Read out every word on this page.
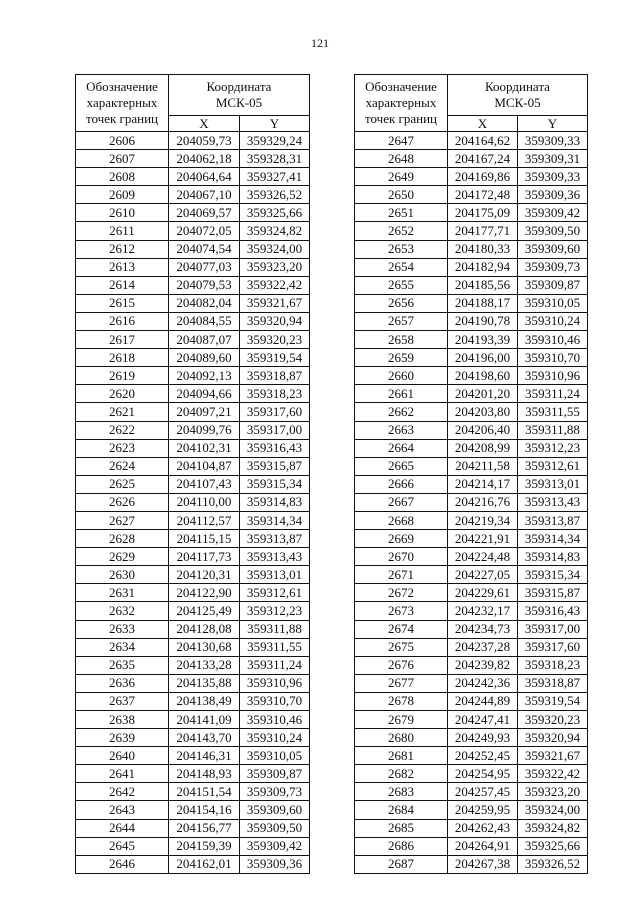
121
Обозначение
характерных
точек границ	Координата
МСК-05	
	X	Y
2606	204059,73	359329,24
2607	204062,18	359328,31
2608	204064,64	359327,41
2609	204067,10	359326,52
2610	204069,57	359325,66
2611	204072,05	359324,82
2612	204074,54	359324,00
2613	204077,03	359323,20
2614	204079,53	359322,42
2615	204082,04	359321,67
2616	204084,55	359320,94
2617	204087,07	359320,23
2618	204089,60	359319,54
2619	204092,13	359318,87
2620	204094,66	359318,23
2621	204097,21	359317,60
2622	204099,76	359317,00
2623	204102,31	359316,43
2624	204104,87	359315,87
2625	204107,43	359315,34
2626	204110,00	359314,83
2627	204112,57	359314,34
2628	204115,15	359313,87
2629	204117,73	359313,43
2630	204120,31	359313,01
2631	204122,90	359312,61
2632	204125,49	359312,23
2633	204128,08	359311,88
2634	204130,68	359311,55
2635	204133,28	359311,24
2636	204135,88	359310,96
2637	204138,49	359310,70
2638	204141,09	359310,46
2639	204143,70	359310,24
2640	204146,31	359310,05
2641	204148,93	359309,87
2642	204151,54	359309,73
2643	204154,16	359309,60
2644	204156,77	359309,50
2645	204159,39	359309,42
2646	204162,01	359309,36
Обозначение
характерных
точек границ	Координата
МСК-05	
	X	Y
2647	204164,62	359309,33
2648	204167,24	359309,31
2649	204169,86	359309,33
2650	204172,48	359309,36
2651	204175,09	359309,42
2652	204177,71	359309,50
2653	204180,33	359309,60
2654	204182,94	359309,73
2655	204185,56	359309,87
2656	204188,17	359310,05
2657	204190,78	359310,24
2658	204193,39	359310,46
2659	204196,00	359310,70
2660	204198,60	359310,96
2661	204201,20	359311,24
2662	204203,80	359311,55
2663	204206,40	359311,88
2664	204208,99	359312,23
2665	204211,58	359312,61
2666	204214,17	359313,01
2667	204216,76	359313,43
2668	204219,34	359313,87
2669	204221,91	359314,34
2670	204224,48	359314,83
2671	204227,05	359315,34
2672	204229,61	359315,87
2673	204232,17	359316,43
2674	204234,73	359317,00
2675	204237,28	359317,60
2676	204239,82	359318,23
2677	204242,36	359318,87
2678	204244,89	359319,54
2679	204247,41	359320,23
2680	204249,93	359320,94
2681	204252,45	359321,67
2682	204254,95	359322,42
2683	204257,45	359323,20
2684	204259,95	359324,00
2685	204262,43	359324,82
2686	204264,91	359325,66
2687	204267,38	359326,52
